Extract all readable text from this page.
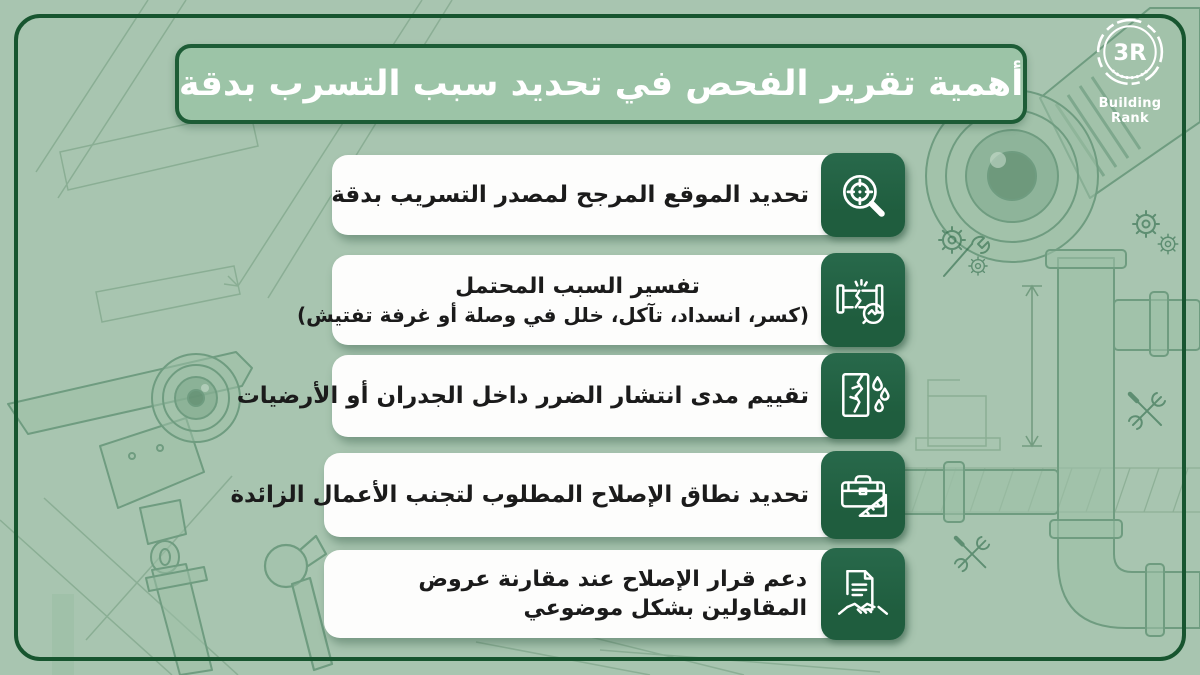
أهمية تقرير الفحص في تحديد سبب التسرب بدقة
3R
Building Rank
تحديد الموقع المرجح لمصدر التسريب بدقة
تفسير السبب المحتمل
(كسر، انسداد، تآكل، خلل في وصلة أو غرفة تفتيش)
تقييم مدى انتشار الضرر داخل الجدران أو الأرضيات
تحديد نطاق الإصلاح المطلوب لتجنب الأعمال الزائدة
دعم قرار الإصلاح عند مقارنة عروض
المقاولين بشكل موضوعي
